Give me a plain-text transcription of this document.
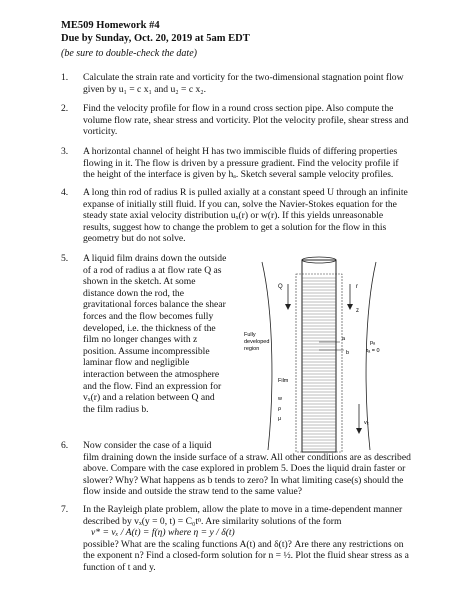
ME509 Homework #4
Due by Sunday, Oct. 20, 2019 at 5am EDT
(be sure to double-check the date)
1.	Calculate the strain rate and vorticity for the two-dimensional stagnation point flow
given by u₁ = c x₁ and u₂ = c x₂.
2.	Find the velocity profile for flow in a round cross section pipe. Also compute the
volume flow rate, shear stress and vorticity. Plot the velocity profile, shear stress and
vorticity.
3.	A horizontal channel of height H has two immiscible fluids of differing properties
flowing in it. The flow is driven by a pressure gradient. Find the velocity profile if
the height of the interface is given by hₐ. Sketch several sample velocity profiles.
4.	A long thin rod of radius R is pulled axially at a constant speed U through an infinite
expanse of initially still fluid. If you can, solve the Navier-Stokes equation for the
steady state axial velocity distribution uₓ(r) or w(r). If this yields unreasonable
results, suggest how to change the problem to get a solution for the flow in this
geometry but do not solve.
5.	A liquid film drains down the outside
of a rod of radius a at flow rate Q as
shown in the sketch. At some
distance down the rod, the
gravitational forces balance the shear
forces and the flow becomes fully
developed, i.e. the thickness of the
film no longer changes with z
position. Assume incompressible
laminar flow and negligible
interaction between the atmosphere
and the flow. Find an expression for
vₓ(r) and a relation between Q and
the film radius b.
Q	r
z
Fully
developed
region
Film
w
ρ
μ
pₐ
τₐ = 0
vₓ
a
b
6.	Now consider the case of a liquid
film draining down the inside surface of a straw. All other conditions are as described
above. Compare with the case explored in problem 5. Does the liquid drain faster or
slower? Why? What happens as b tends to zero? In what limiting case(s) should the
flow inside and outside the straw tend to the same value?
7.	In the Rayleigh plate problem, allow the plate to move in a time-dependent manner
described by vₓ(y = 0, t) = C₀tⁿ. Are similarity solutions of the form
v* = vₓ / A(t) = f(η) where η = y / δ(t)
possible? What are the scaling functions A(t) and δ(t)? Are there any restrictions on
the exponent n? Find a closed-form solution for n = ½. Plot the fluid shear stress as a
function of t and y.
